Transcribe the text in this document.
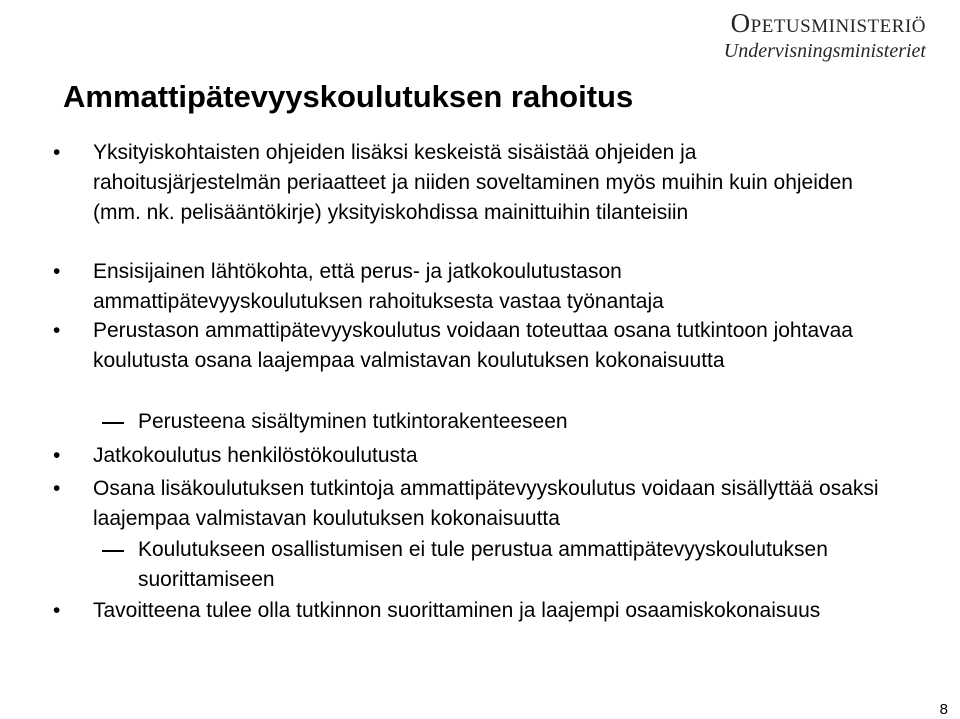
Opetusministeriö
Undervisningsministeriet
Ammattipätevyyskoulutuksen rahoitus
• Yksityiskohtaisten ohjeiden lisäksi keskeistä sisäistää ohjeiden ja rahoitusjärjestelmän periaatteet ja niiden soveltaminen myös muihin kuin ohjeiden (mm. nk. pelisääntökirje) yksityiskohdissa mainittuihin tilanteisiin
• Ensisijainen lähtökohta, että perus- ja jatkokoulutustason ammattipätevyyskoulutuksen rahoituksesta vastaa työnantaja
• Perustason ammattipätevyyskoulutus voidaan toteuttaa osana tutkintoon johtavaa koulutusta osana laajempaa valmistavan koulutuksen kokonaisuutta
Perusteena sisältyminen tutkintorakenteeseen
• Jatkokoulutus henkilöstökoulutusta
• Osana lisäkoulutuksen tutkintoja ammattipätevyyskoulutus voidaan sisällyttää osaksi laajempaa valmistavan koulutuksen kokonaisuutta
Koulutukseen osallistumisen ei tule perustua ammattipätevyyskoulutuksen suorittamiseen
• Tavoitteena tulee olla tutkinnon suorittaminen ja laajempi osaamiskokonaisuus
8
